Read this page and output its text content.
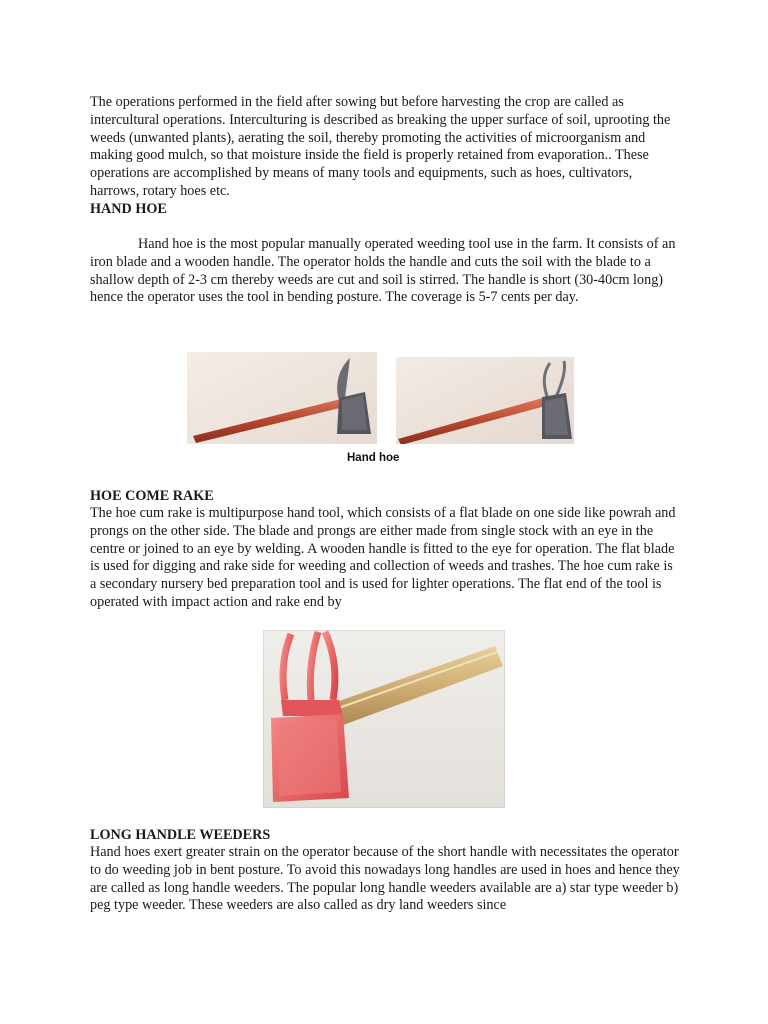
The operations performed in the field after sowing but before harvesting the crop are called as intercultural operations. Interculturing is described as breaking the upper surface of soil, uprooting the weeds (unwanted plants), aerating the soil, thereby promoting the activities of microorganism and making good mulch, so that moisture inside the field is properly retained from evaporation.. These operations are accomplished by means of many tools and equipments, such as hoes, cultivators, harrows, rotary hoes etc.

HAND HOE

Hand hoe is the most popular manually operated weeding tool use in the farm. It consists of an iron blade and a wooden handle. The operator holds the handle and cuts the soil with the blade to a shallow depth of 2-3 cm thereby weeds are cut and soil is stirred. The handle is short (30-40cm long) hence the operator uses the tool in bending posture. The coverage is 5-7 cents per day.

Hand hoe

HOE COME RAKE

The hoe cum rake is multipurpose hand tool, which consists of a flat blade on one side like powrah and prongs on the other side. The blade and prongs are either made from single stock with an eye in the centre or joined to an eye by welding. A wooden handle is fitted to the eye for operation. The flat blade is used for digging and rake side for weeding and collection of weeds and trashes. The hoe cum rake is a secondary nursery bed preparation tool and is used for lighter operations. The flat end of the tool is operated with impact action and rake end by

LONG HANDLE WEEDERS

Hand hoes exert greater strain on the operator because of the short handle with necessitates the operator to do weeding job in bent posture. To avoid this nowadays long handles are used in hoes and hence they are called as long handle weeders. The popular long handle weeders available are a) star type weeder b) peg type weeder. These weeders are also called as dry land weeders since
